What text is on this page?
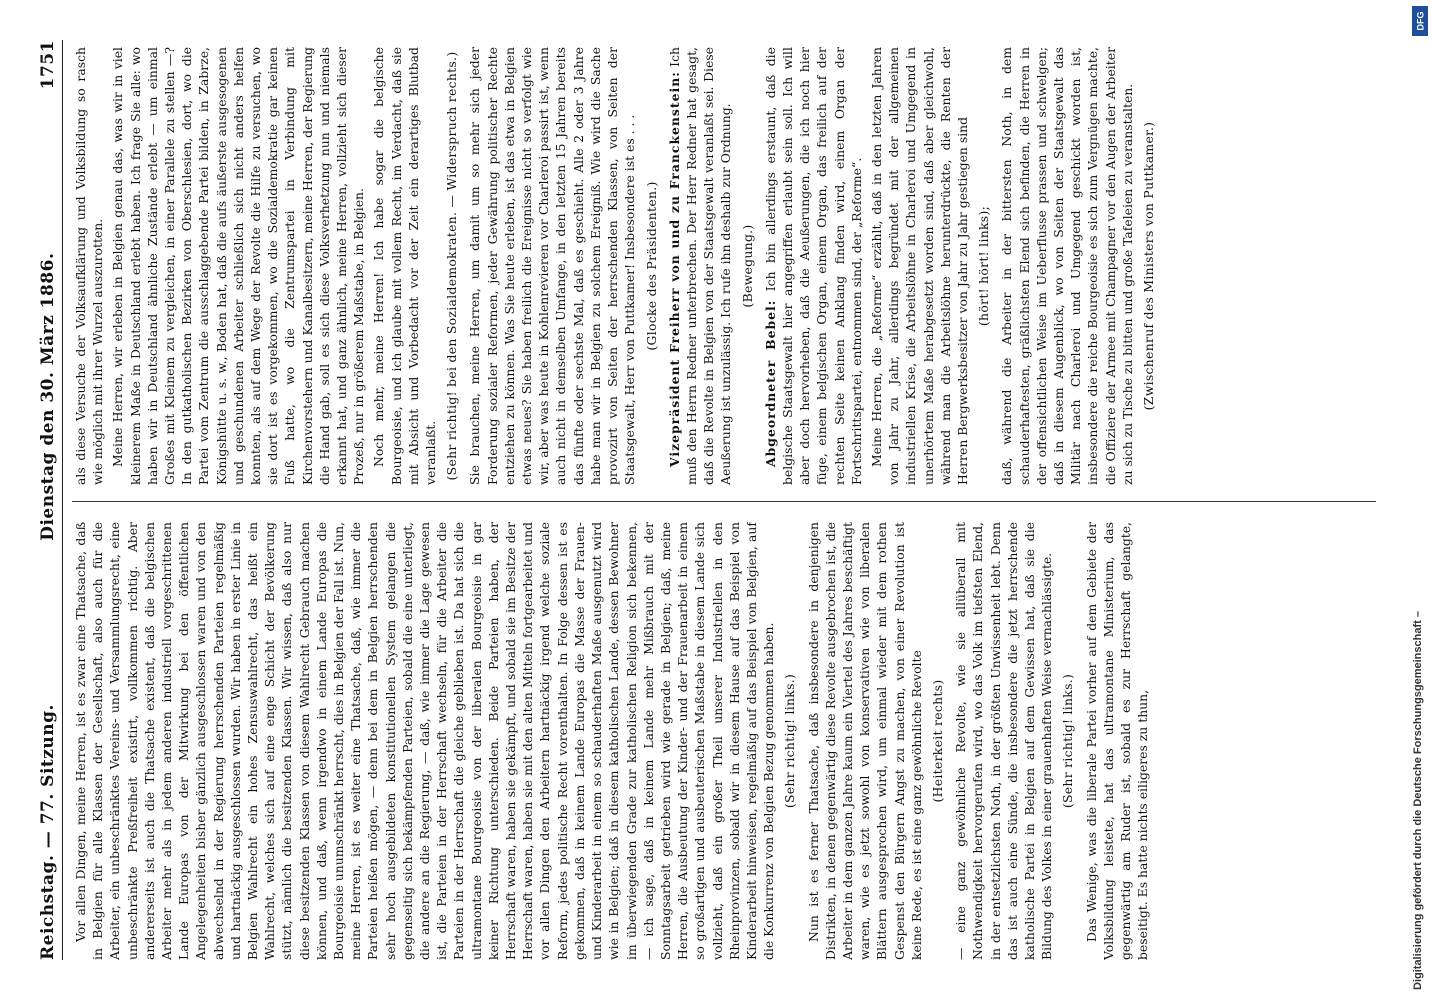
Reichstag. — 77. Sitzung.
Dienstag den 30. März 1886.
1751

Vor allen Dingen, meine Herren, ist es zwar eine Thatsache, daß in Belgien für alle Klassen der Gesellschaft, also auch für die Arbeiter, ein unbeschränktes Vereins- und Versammlungsrecht, eine unbeschränkte Preßfreiheit existirt, vollkommen richtig. Aber andererseits ist auch die Thatsache existent, daß die belgischen Arbeiter mehr als in jedem anderen industriell vorgeschrittenen Lande Europas von der Mitwirkung bei den öffentlichen Angelegenheiten bisher gänzlich ausgeschlossen waren und von den abwechselnd in der Regierung herrschenden Parteien regelmäßig und hartnäckig ausgeschlossen wurden. Wir haben in erster Linie in Belgien Wahlrecht ein hohes Zensuswahlrecht, das heißt ein Wahlrecht, welches sich auf eine enge Schicht der Bevölkerung stützt, nämlich die besitzenden Klassen. Wir wissen, daß also nur diese besitzenden Klassen von diesem Wahlrecht Gebrauch machen können, und daß, wenn irgendwo in einem Lande Europas die Bourgeoisie unumschränkt herrscht, dies in Belgien der Fall ist. Nun, meine Herren, ist es weiter eine Thatsache, daß, wie immer die Parteien heißen mögen, — denn bei dem in Belgien herrschenden sehr hoch ausgebildeten konstitutionellen System gelangen die gegenseitig sich bekämpfenden Parteien, sobald die eine unterliegt, die andere an die Regierung, — daß, wie immer die Lage gewesen ist, die Parteien in der Herrschaft wechseln, für die Arbeiter die Parteien in der Herrschaft die gleiche geblieben ist. Da hat sich die ultramontane Bourgeoisie von der liberalen Bourgeoisie in gar keiner Richtung unterschieden. Beide Parteien haben, der Herrschaft waren, haben sie gekämpft, und sobald sie im Besitze der Herrschaft waren, haben sie mit den alten Mitteln fortgearbeitet und vor allen Dingen den Arbeitern hartnäckig irgend welche soziale Reform, jedes politische Recht vorenthalten. In Folge dessen ist es gekommen, daß in keinem Lande Europas die Masse der Frauen- und Kinderarbeit in einem so schauderhaften Maße ausgenutzt wird wie in Belgien; daß in diesem katholischen Lande, dessen Bewohner im überwiegenden Grade zur katholischen Religion sich bekennen, — ich sage, daß in keinem Lande mehr Mißbrauch mit der Sonntagsarbeit getrieben wird wie gerade in Belgien; daß, meine Herren, die Ausbeutung der Kinder- und der Frauenarbeit in einem so großartigen und ausbeuterischen Maßstabe in diesem Lande sich vollzieht, daß ein großer Theil unserer Industriellen in den Rheinprovinzen, sobald wir in diesem Hause auf das Beispiel von Kinderarbeit hinweisen, regelmäßig auf das Beispiel von Belgien, auf die Konkurrenz von Belgien Bezug genommen haben. (Sehr richtig! links.) Nun ist es ferner Thatsache, daß insbesondere in denjenigen Distrikten, in denen gegenwärtig diese Revolte ausgebrochen ist, die Arbeiter in dem ganzen Jahre kaum ein Viertel des Jahres beschäftigt waren, wie es jetzt sowohl von konservativen wie von liberalen Blättern ausgesprochen wird, um einmal wieder mit dem rothen Gespenst den Bürgern Angst zu machen, von einer Revolution ist keine Rede, es ist eine ganz gewöhnliche Revolte (Heiterkeit rechts) — eine ganz gewöhnliche Revolte, wie sie allüberall mit Nothwendigkeit hervorgerufen wird, wo das Volk im tiefsten Elend, in der entsetzlichsten Noth, in der größten Unwissenheit lebt. Denn das ist auch eine Sünde, die insbesondere die jetzt herrschende katholische Partei in Belgien auf dem Gewissen hat, daß sie die Bildung des Volkes in einer grauenhaften Weise vernachlässigte. (Sehr richtig! links.) Das Wenige, was die liberale Partei vorher auf dem Gebiete der Volksbildung leistete, hat das ultramontane Ministerium, das gegenwärtig am Ruder ist, sobald es zur Herrschaft gelangte, beseitigt. Es hatte nichts eiligeres zu thun,

als diese Versuche der Volksaufklärung und Volksbildung so rasch wie möglich mit ihrer Wurzel auszurotten. Meine Herren, wir erleben in Belgien genau das, was wir in viel kleinerem Maße in Deutschland erlebt haben. Ich frage Sie alle: wo haben wir in Deutschland ähnliche Zustände erlebt — um einmal Großes mit Kleinem zu vergleichen, in einer Parallele zu stellen —? In den gutkatholischen Bezirken von Oberschlesien, dort, wo die Partei vom Zentrum die ausschlaggebende Partei bilden, in Zabrze, Königshütte u. s. w., Boden hat, daß die aufs äußerste ausgesogenen und geschundenen Arbeiter schließlich sich nicht anders helfen konnten, als auf dem Wege der Revolte die Hilfe zu versuchen, wo sie dort ist es vorgekommen, wo die Sozialdemokratie gar keinen Fuß hatte, wo die Zentrumspartei in Verbindung mit Kirchenvorstehern und Kanalbesitzern, meine Herren, der Regierung die Hand gab, soll es sich diese Volksverhetzung nun und niemals erkannt hat, und ganz ähnlich, meine Herren, vollzieht sich dieser Prozeß, nur in größerem Maßstabe, in Belgien. Noch mehr, meine Herren! Ich habe sogar die belgische Bourgeoisie, und ich glaube mit vollem Recht, im Verdacht, daß sie mit Absicht und Vorbedacht vor der Zeit ein derartiges Blutbad veranlaßt. (Sehr richtig! bei den Sozialdemokraten. — Widerspruch rechts.) Sie brauchen, meine Herren, um damit um so mehr sich jeder Forderung sozialer Reformen, jeder Gewährung politischer Rechte entziehen zu können. Was Sie heute erleben, ist das etwa in Belgien etwas neues? Sie haben freilich die Ereignisse nicht so verfolgt wie wir, aber was heute in Kohlenrevieren vor Charleroi passirt ist, wenn auch nicht in demselben Umfange, in den letzten 15 Jahren bereits das fünfte oder sechste Mal, daß es geschieht. Alle 2 oder 3 Jahre habe man wir in Belgien zu solchem Ereigniß. Wie wird die Sache provozirt von Seiten der herrschenden Klassen, von Seiten der Staatsgewalt, Herr von Puttkamer! Insbesondere ist es . . . (Glocke des Präsidenten.) Vizepräsident Freiherr von und zu Franckenstein: Ich muß den Herrn Redner unterbrechen. Der Herr Redner hat gesagt, daß die Revolte in Belgien von der Staatsgewalt veranlaßt sei. Diese Aeußerung ist unzulässig. Ich rufe ihn deshalb zur Ordnung. (Bewegung.)

Abgeordneter Bebel: Ich bin allerdings erstaunt, daß die belgische Staatsgewalt hier angegriffen erlaubt sein soll. Ich will aber doch hervorheben, daß die Aeußerungen, die ich noch hier füge, einem belgischen Organ, einem Organ, das freilich auf der rechten Seite keinen Anklang finden wird, einem Organ der Fortschrittspartei, entnommen sind, der „Reforme“. Meine Herren, die „Reforme“ erzählt, daß in den letzten Jahren von Jahr zu Jahr, allerdings begründet mit der allgemeinen industriellen Krise, die Arbeitslöhne in Charleroi und Umgegend in unerhörtem Maße herabgesetzt worden sind, daß aber gleichwohl, während man die Arbeitslöhne herunterdrückte, die Renten der Herren Bergwerksbesitzer von Jahr zu Jahr gestiegen sind (hört! hört! links); daß, während die Arbeiter in der bittersten Noth, in dem schauderhaftesten, gräßlichsten Elend sich befinden, die Herren in der offensichtlichen Weise im Ueberflusse prassen und schwelgen; daß in diesem Augenblick, wo von Seiten der Staatsgewalt das Militär nach Charleroi und Umgegend geschickt worden ist, insbesondere die reiche Bourgeoisie es sich zum Vergnügen machte, die Offiziere der Armee mit Champagner vor den Augen der Arbeiter zu sich zu Tische zu bitten und große Tafeleien zu veranstalten. (Zwischenruf des Ministers von Puttkamer.)

Digitalisierung gefördert durch die Deutsche Forschungsgemeinschaft –
DFG
